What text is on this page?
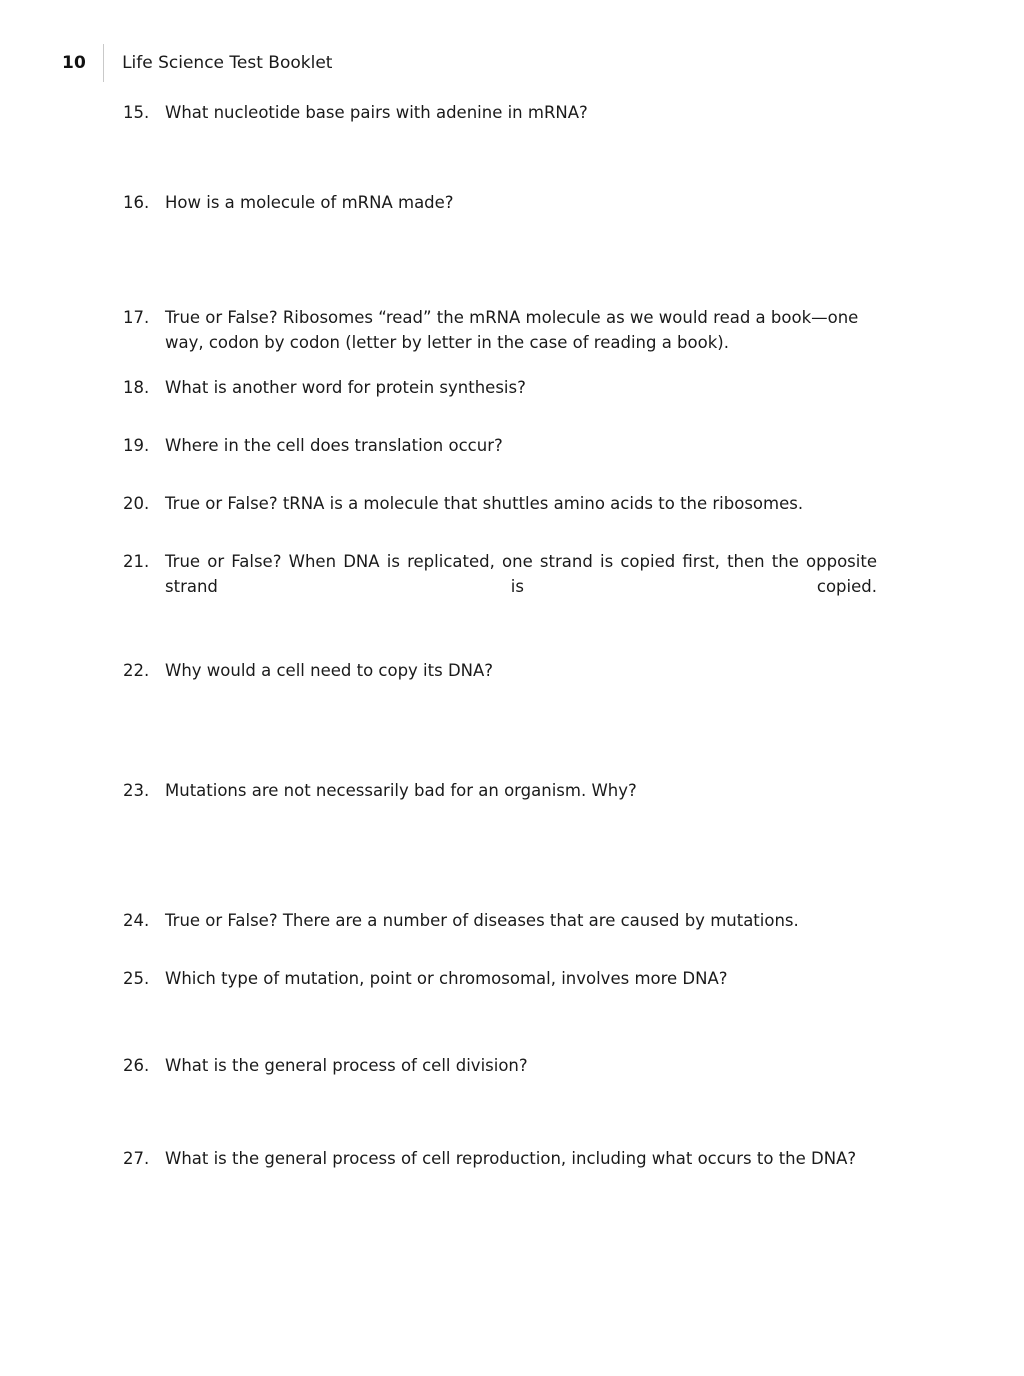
10 Life Science Test Booklet
15. What nucleotide base pairs with adenine in mRNA?
16. How is a molecule of mRNA made?
17. True or False? Ribosomes “read” the mRNA molecule as we would read a book—one way, codon by codon (letter by letter in the case of reading a book).
18. What is another word for protein synthesis?
19. Where in the cell does translation occur?
20. True or False? tRNA is a molecule that shuttles amino acids to the ribosomes.
21. True or False? When DNA is replicated, one strand is copied first, then the opposite strand is copied.
22. Why would a cell need to copy its DNA?
23. Mutations are not necessarily bad for an organism. Why?
24. True or False? There are a number of diseases that are caused by mutations.
25. Which type of mutation, point or chromosomal, involves more DNA?
26. What is the general process of cell division?
27. What is the general process of cell reproduction, including what occurs to the DNA?
